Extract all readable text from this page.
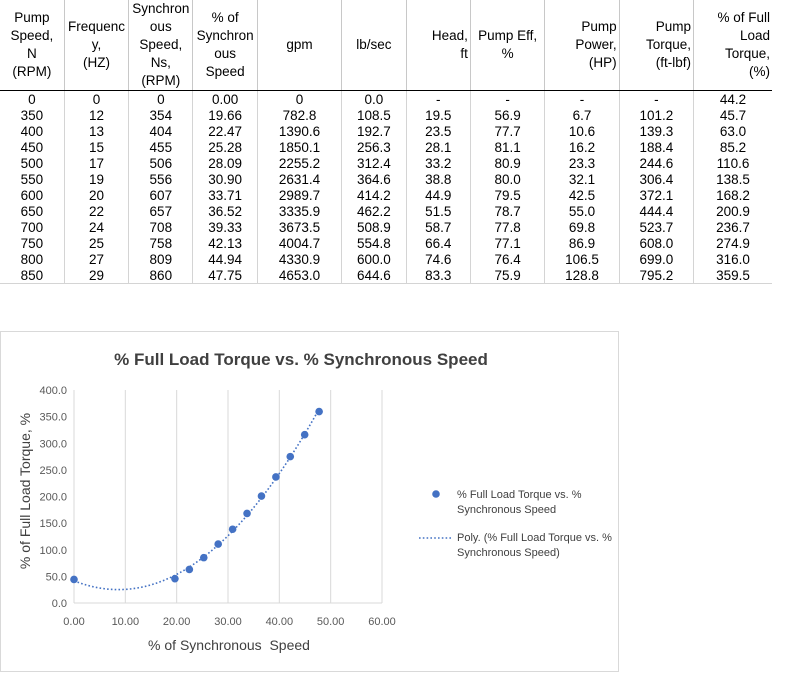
Pump
Speed,
N
(RPM)	Frequenc
y,
(HZ)	Synchron
ous
Speed,
Ns,
(RPM)	% of
Synchron
ous
Speed	gpm	lb/sec	Head,
ft	Pump Eff,
%	Pump
Power,
(HP)	Pump
Torque,
(ft-lbf)	% of Full
Load
Torque,
(%)
0	0	0	0.00	0	0.0	-	-	-	-	44.2
350	12	354	19.66	782.8	108.5	19.5	56.9	6.7	101.2	45.7
400	13	404	22.47	1390.6	192.7	23.5	77.7	10.6	139.3	63.0
450	15	455	25.28	1850.1	256.3	28.1	81.1	16.2	188.4	85.2
500	17	506	28.09	2255.2	312.4	33.2	80.9	23.3	244.6	110.6
550	19	556	30.90	2631.4	364.6	38.8	80.0	32.1	306.4	138.5
600	20	607	33.71	2989.7	414.2	44.9	79.5	42.5	372.1	168.2
650	22	657	36.52	3335.9	462.2	51.5	78.7	55.0	444.4	200.9
700	24	708	39.33	3673.5	508.9	58.7	77.8	69.8	523.7	236.7
750	25	758	42.13	4004.7	554.8	66.4	77.1	86.9	608.0	274.9
800	27	809	44.94	4330.9	600.0	74.6	76.4	106.5	699.0	316.0
850	29	860	47.75	4653.0	644.6	83.3	75.9	128.8	795.2	359.5
% Full Load Torque vs. % Synchronous Speed
0.0
50.0
100.0
150.0
200.0
250.0
300.0
350.0
400.0
0.00 10.00 20.00 30.00 40.00 50.00 60.00
% of Full Load Torque, %
% of Synchronous  Speed
% Full Load Torque vs. %
Synchronous Speed
Poly. (% Full Load Torque vs. %
Synchronous Speed)
